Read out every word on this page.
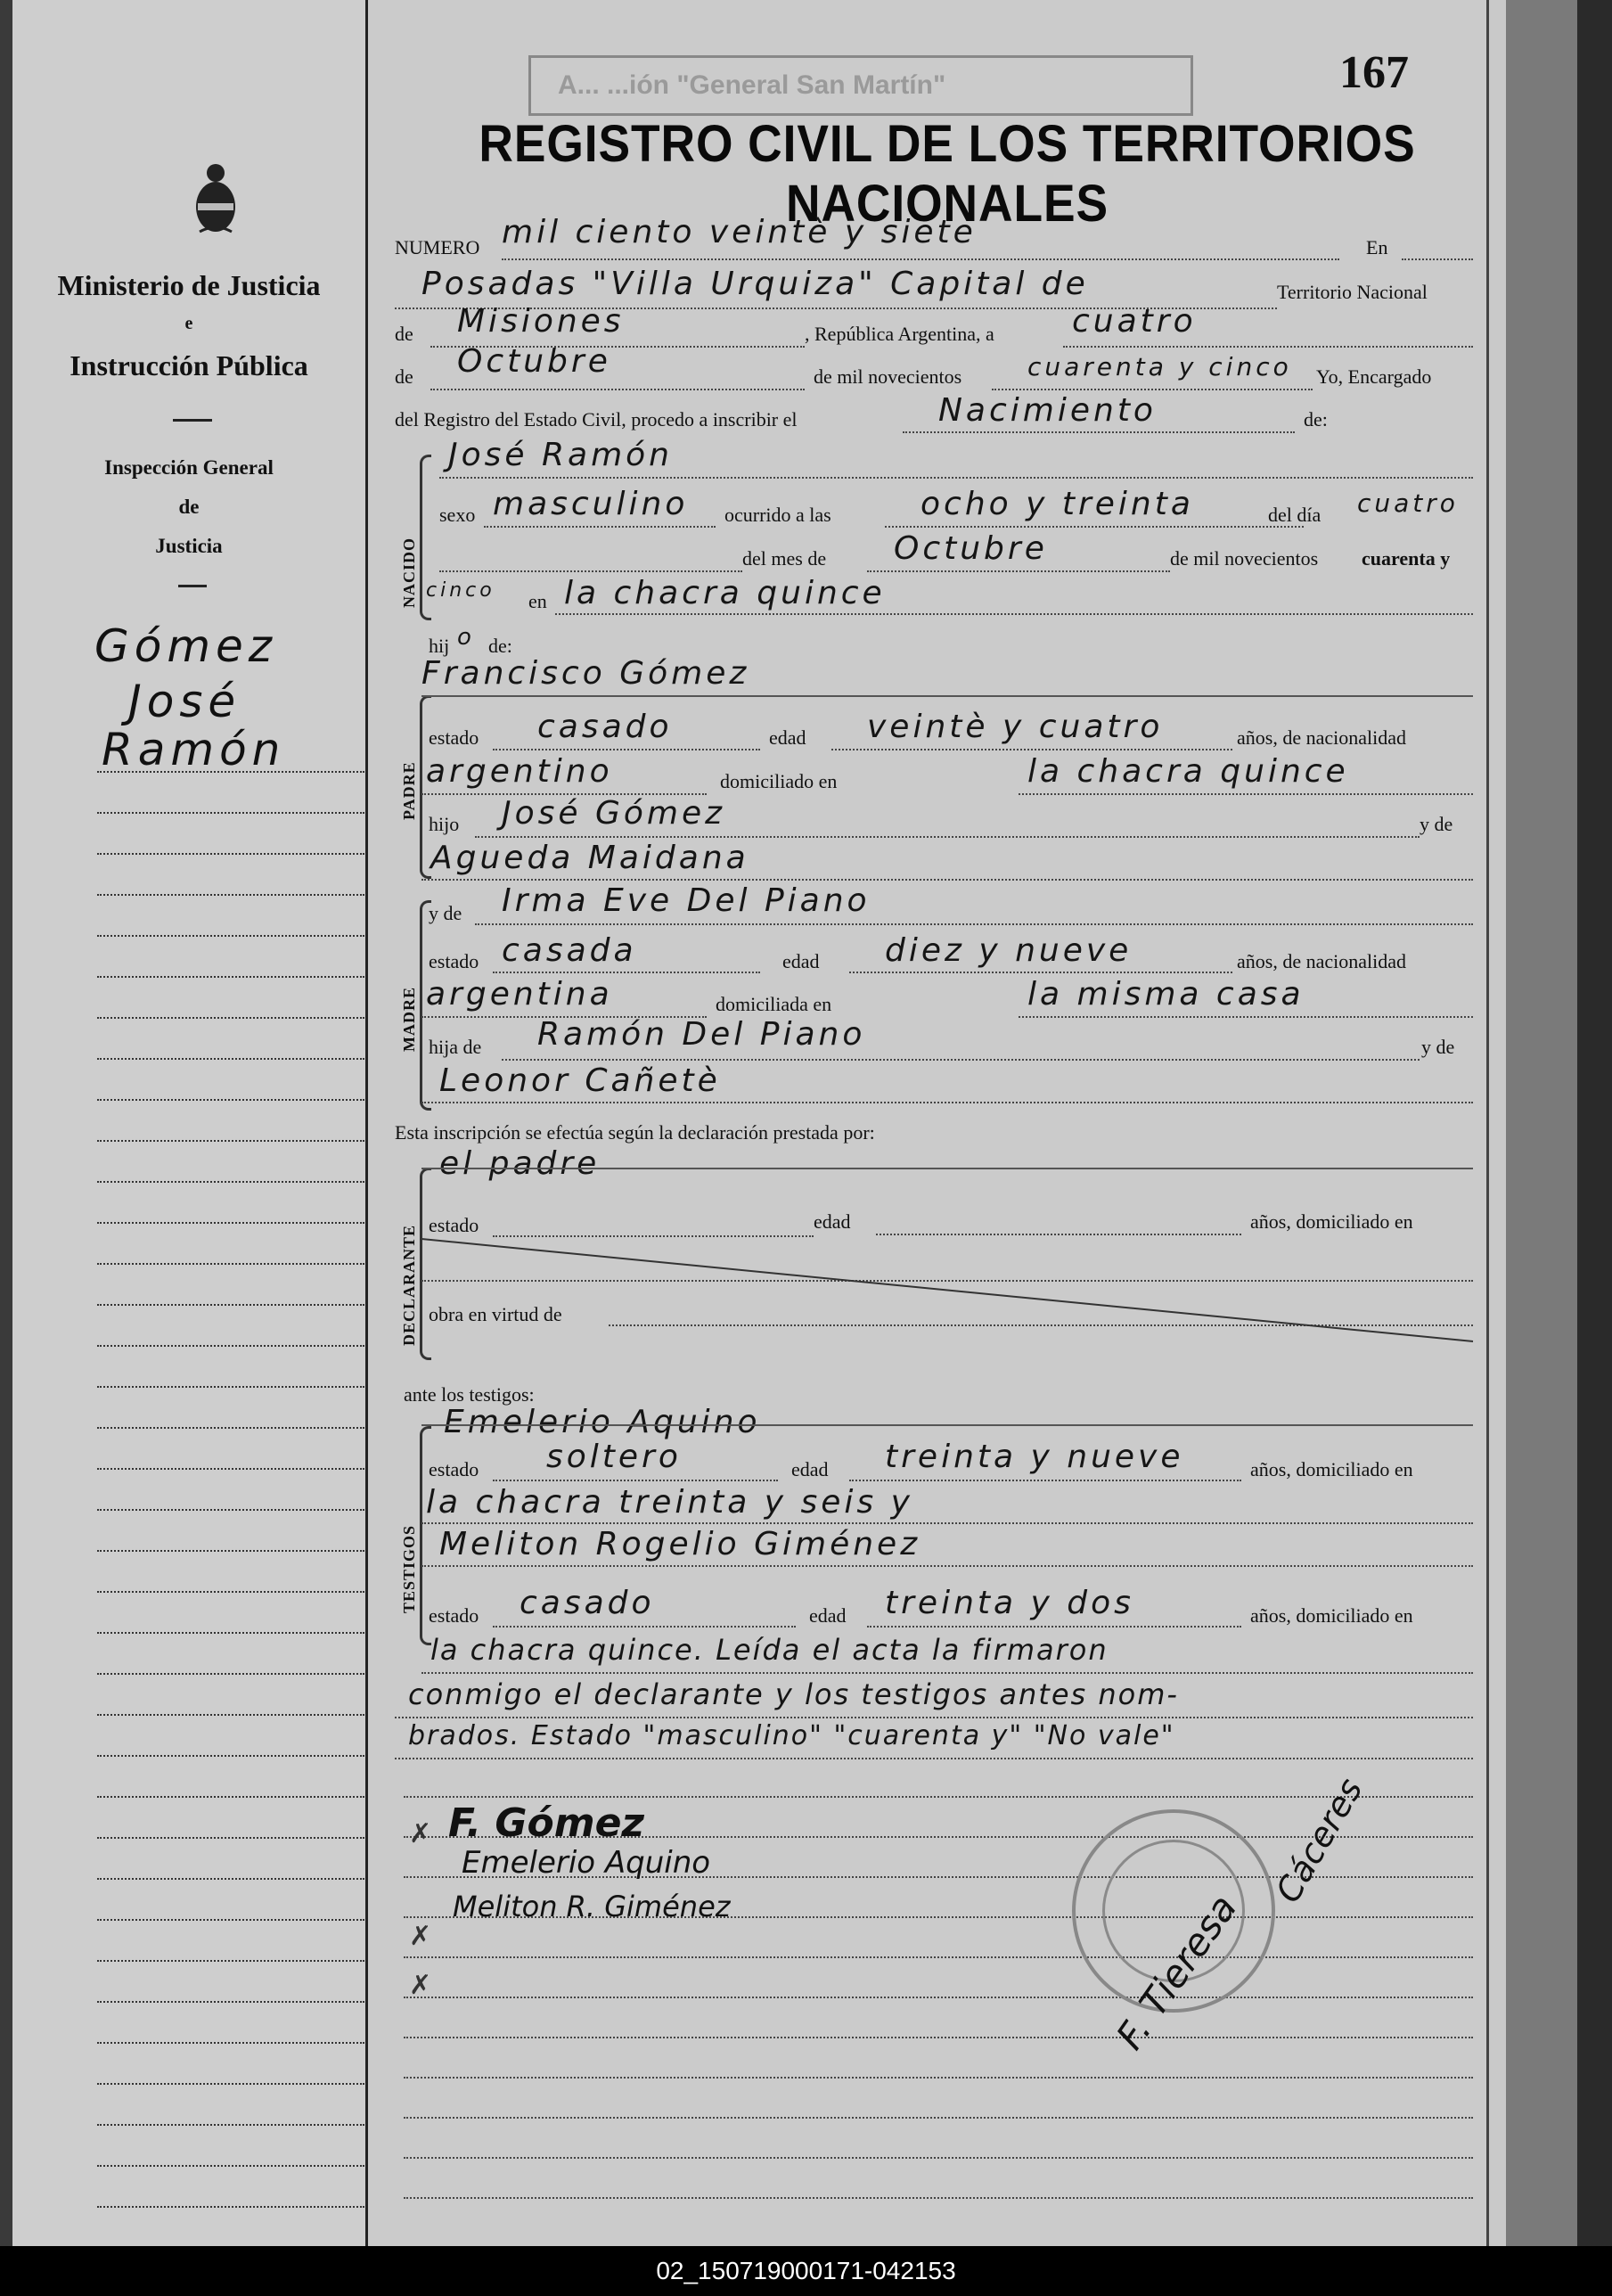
Ministerio de Justicia
e
Instrucción Pública
Inspección General
de
Justicia
Gómez
José
Ramón
A... ...ión "General San Martín"	167
REGISTRO CIVIL DE LOS TERRITORIOS NACIONALES
NUMERO mil ciento veintè y siete	En
Posadas "Villa Urquiza" Capital de	Territorio Nacional
de Misiones	, República Argentina, a cuatro
de Octubre	de mil novecientos	cuarenta y cinco Yo, Encargado
del Registro del Estado Civil, procedo a inscribir el	Nacimiento	de:
NACIDO
José Ramón
sexo masculino ocurrido a las	ocho y treinta	del día cuatro
del mes de Octubre	de mil novecientos cuarenta y
cinco en la chacra quince
hij o de:
PADRE
Francisco Gómez
estado casado	edad veintè y cuatro	años, de nacionalidad
argentino	domiciliado en	la chacra quince
hijo José Gómez	y de
Agueda Maidana
MADRE
y de Irma Eve Del Piano
estado casada	edad diez y nueve	años, de nacionalidad
argentina	domiciliada en	la misma casa
hija de Ramón Del Piano	y de
Leonor Cañetè
Esta inscripción se efectúa según la declaración prestada por:
DECLARANTE
el padre
estado	edad	años, domiciliado en
obra en virtud de
ante los testigos:
TESTIGOS
Emelerio Aquino
estado soltero	edad treinta y nueve	años, domiciliado en
la chacra treinta y seis y
Meliton Rogelio Giménez
estado casado	edad treinta y dos	años, domiciliado en
la chacra quince. Leída el acta la firmaron
conmigo el declarante y los testigos antes nom-
brados. Estado "masculino" "cuarenta y" "No vale"
✗
✗
✗
F. Gómez
Emelerio Aquino
Meliton R. Giménez	F. Tieresa
Cáceres
02_150719000171-042153
